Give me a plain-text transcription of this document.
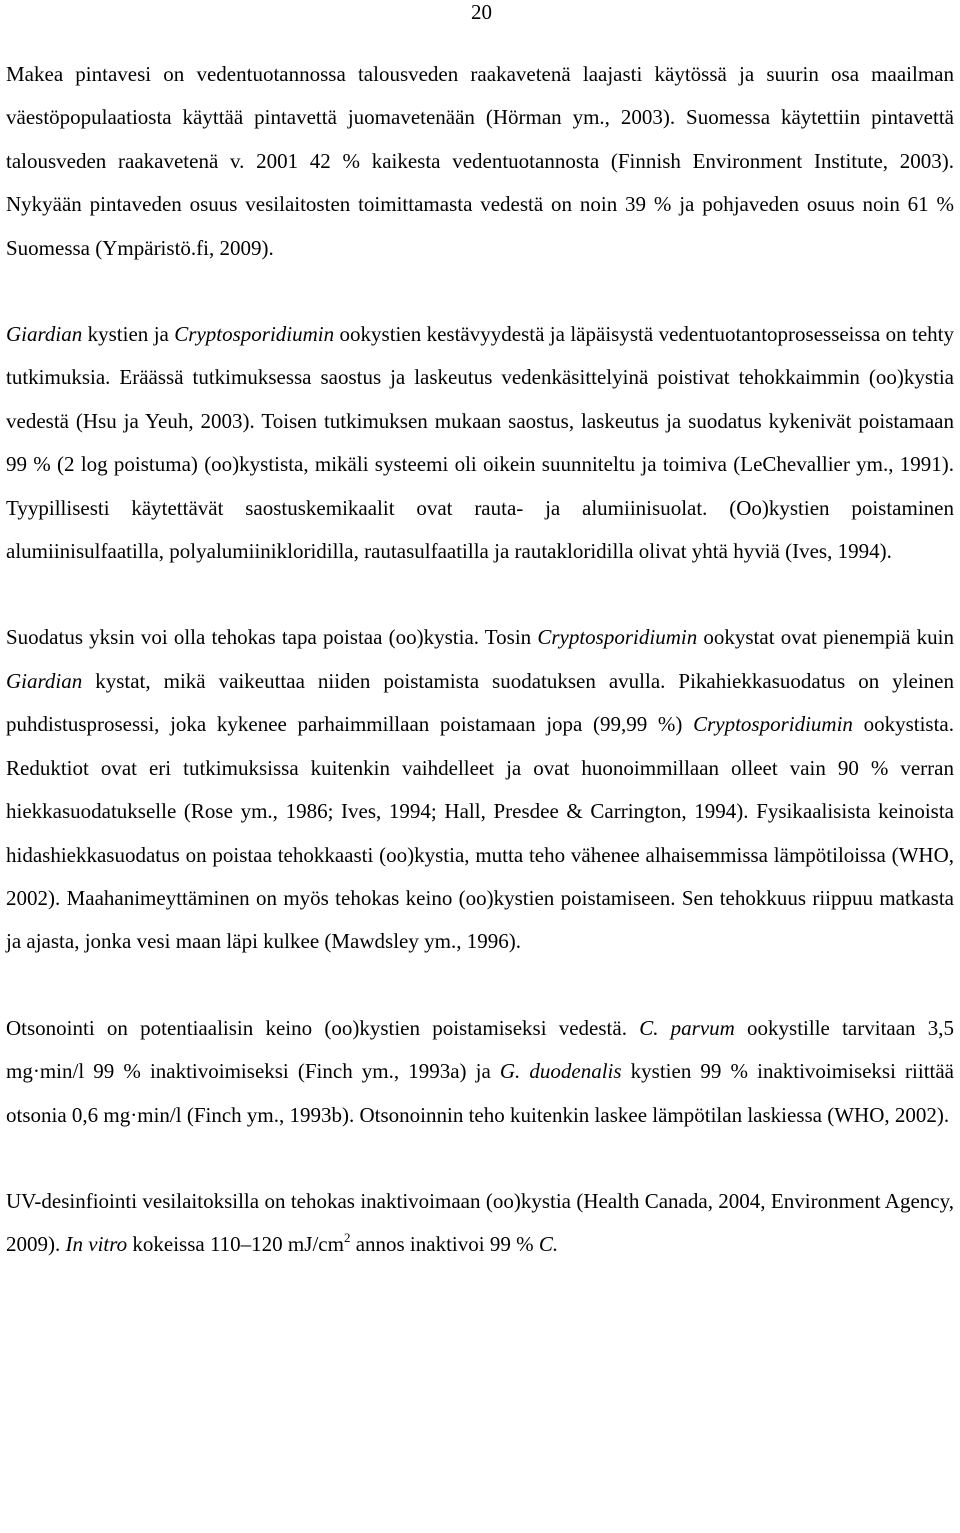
20

Makea pintavesi on vedentuotannossa talousveden raakavetenä laajasti käytössä ja suurin osa maailman väestöpopulaatiosta käyttää pintavettä juomavetenään (Hörman ym., 2003). Suomessa käytettiin pintavettä talousveden raakavetenä v. 2001 42 % kaikesta vedentuotannosta (Finnish Environment Institute, 2003). Nykyään pintaveden osuus vesilaitosten toimittamasta vedestä on noin 39 % ja pohjaveden osuus noin 61 % Suomessa (Ympäristö.fi, 2009).

Giardian kystien ja Cryptosporidiumin ookystien kestävyydestä ja läpäisystä vedentuotantoprosesseissa on tehty tutkimuksia. Eräässä tutkimuksessa saostus ja laskeutus vedenkäsittelyinä poistivat tehokkaimmin (oo)kystia vedestä (Hsu ja Yeuh, 2003). Toisen tutkimuksen mukaan saostus, laskeutus ja suodatus kykenivät poistamaan 99 % (2 log poistuma) (oo)kystista, mikäli systeemi oli oikein suunniteltu ja toimiva (LeChevallier ym., 1991). Tyypillisesti käytettävät saostuskemikaalit ovat rauta- ja alumiinisuolat. (Oo)kystien poistaminen alumiinisulfaatilla, polyalumiinikloridilla, rautasulfaatilla ja rautakloridilla olivat yhtä hyviä (Ives, 1994).

Suodatus yksin voi olla tehokas tapa poistaa (oo)kystia. Tosin Cryptosporidiumin ookystat ovat pienempiä kuin Giardian kystat, mikä vaikeuttaa niiden poistamista suodatuksen avulla. Pikahiekkasuodatus on yleinen puhdistusprosessi, joka kykenee parhaimmillaan poistamaan jopa (99,99 %) Cryptosporidiumin ookystista. Reduktiot ovat eri tutkimuksissa kuitenkin vaihdelleet ja ovat huonoimmillaan olleet vain 90 % verran hiekkasuodatukselle (Rose ym., 1986; Ives, 1994; Hall, Presdee & Carrington, 1994). Fysikaalisista keinoista hidashiekkasuodatus on poistaa tehokkaasti (oo)kystia, mutta teho vähenee alhaisemmissa lämpötiloissa (WHO, 2002). Maahanimeyttäminen on myös tehokas keino (oo)kystien poistamiseen. Sen tehokkuus riippuu matkasta ja ajasta, jonka vesi maan läpi kulkee (Mawdsley ym., 1996).

Otsonointi on potentiaalisin keino (oo)kystien poistamiseksi vedestä. C. parvum ookystille tarvitaan 3,5 mg·min/l 99 % inaktivoimiseksi (Finch ym., 1993a) ja G. duodenalis kystien 99 % inaktivoimiseksi riittää otsonia 0,6 mg·min/l (Finch ym., 1993b). Otsonoinnin teho kuitenkin laskee lämpötilan laskiessa (WHO, 2002).

UV-desinfiointi vesilaitoksilla on tehokas inaktivoimaan (oo)kystia (Health Canada, 2004, Environment Agency, 2009). In vitro kokeissa 110–120 $mJ/cm^2$ annos inaktivoi 99 % C.
